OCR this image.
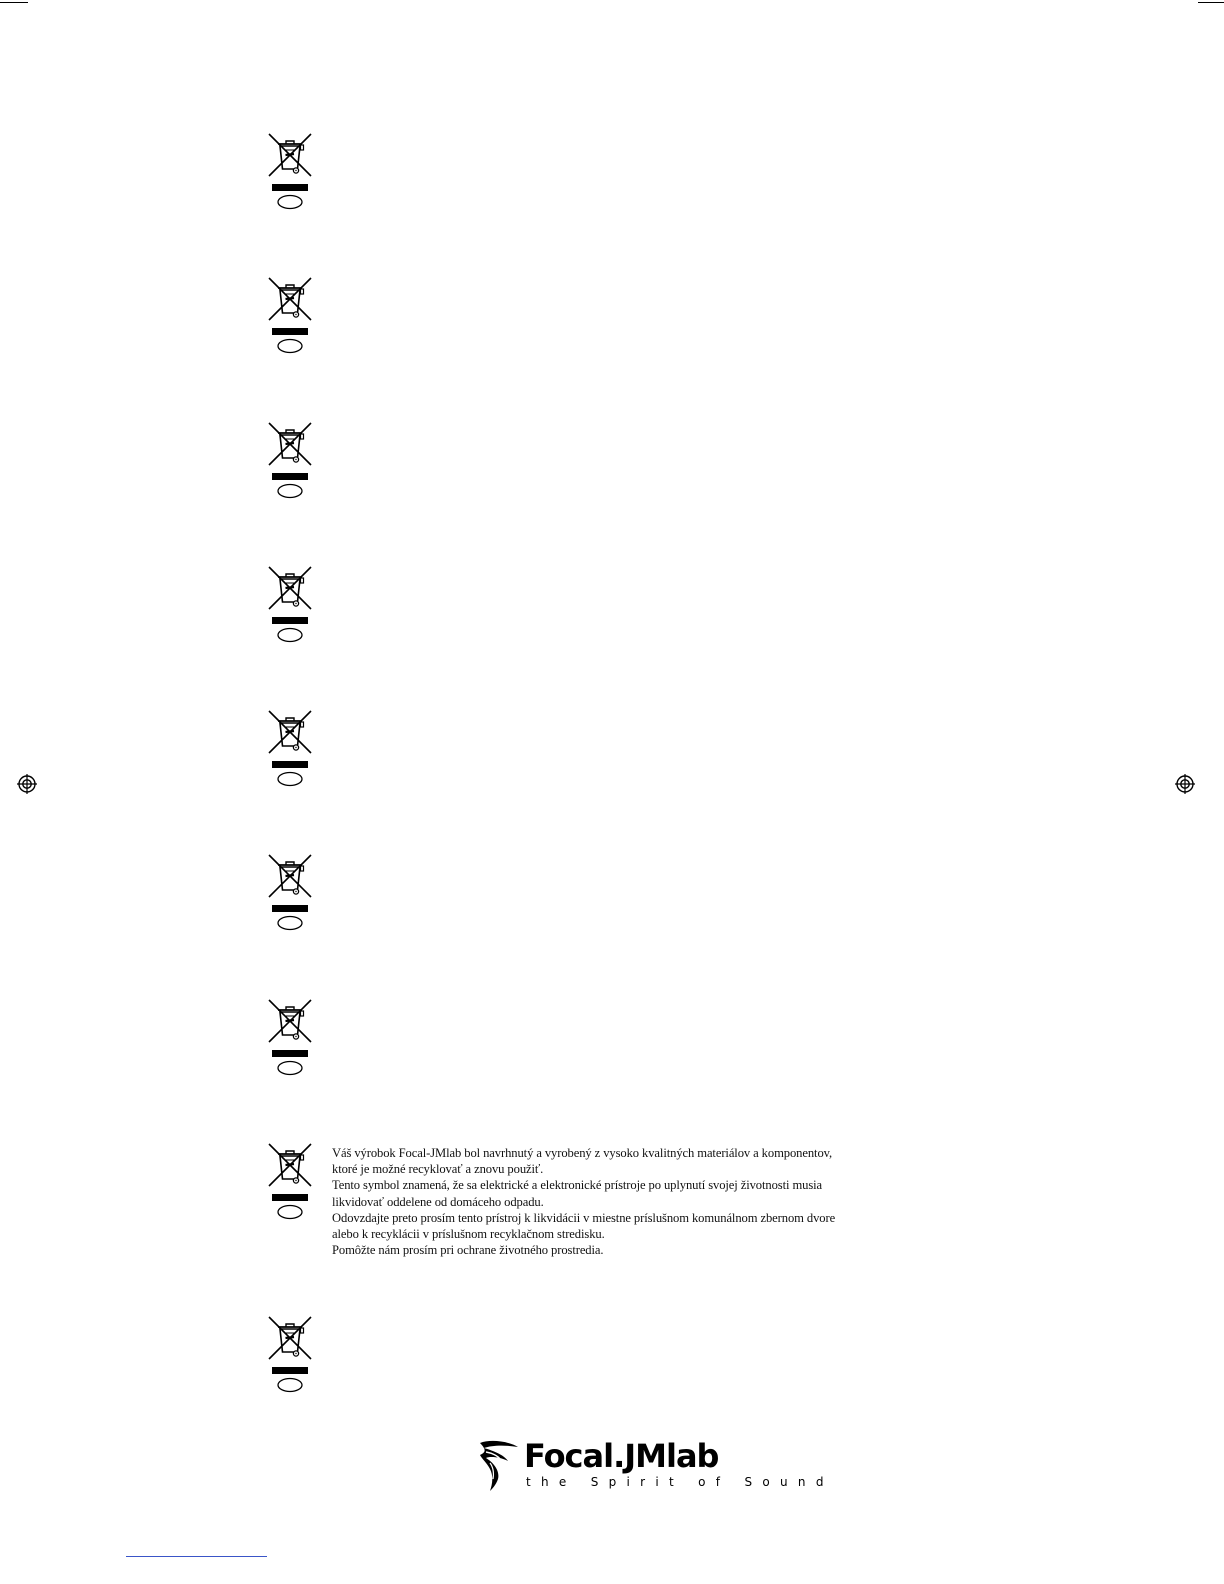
Váš výrobok Focal-JMlab bol navrhnutý a vyrobený z vysoko kvalitných materiálov a komponentov,

ktoré je možné recyklovať a znovu použiť.

Tento symbol znamená, že sa elektrické a elektronické prístroje po uplynutí svojej životnosti musia

likvidovať oddelene od domáceho odpadu.

Odovzdajte preto prosím tento prístroj k likvidácii v miestne príslušnom komunálnom zbernom dvore

alebo k recyklácii v príslušnom recyklačnom stredisku.

Pomôžte nám prosím pri ochrane životného prostredia.

Focal.JMlab
the Spirit of Sound
